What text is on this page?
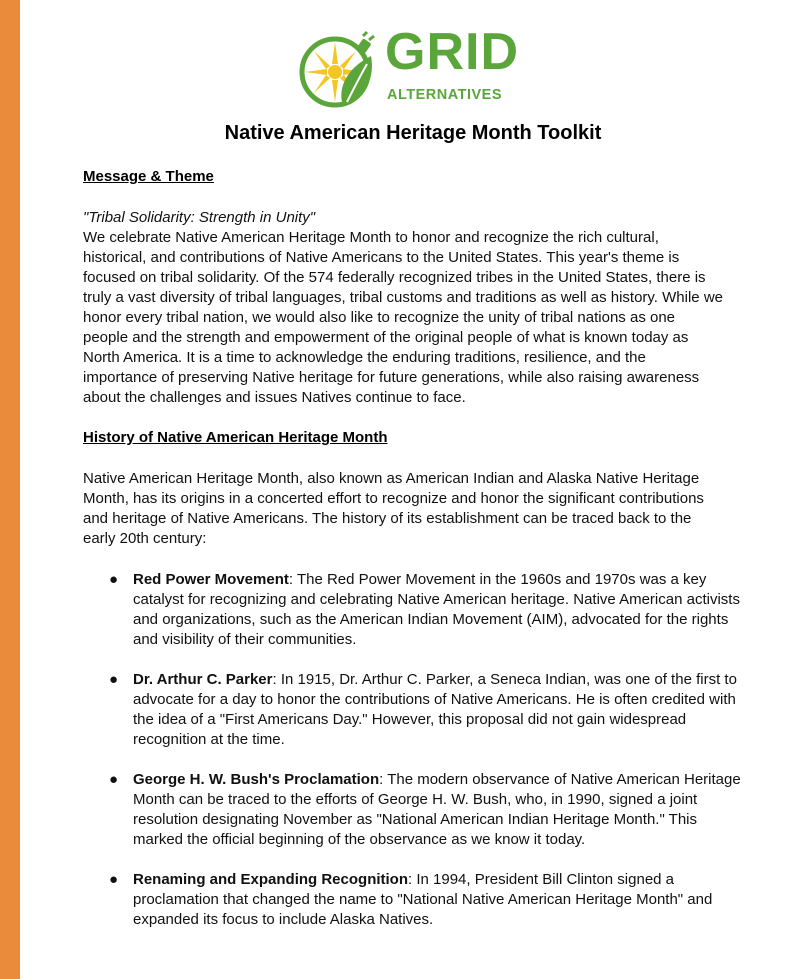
GRID
ALTERNATIVES
Native American Heritage Month Toolkit
Message & Theme
"Tribal Solidarity: Strength in Unity"
We celebrate Native American Heritage Month to honor and recognize the rich cultural, historical, and contributions of Native Americans to the United States. This year's theme is focused on tribal solidarity. Of the 574 federally recognized tribes in the United States, there is truly a vast diversity of tribal languages, tribal customs and traditions as well as history. While we honor every tribal nation, we would also like to recognize the unity of tribal nations as one people and the strength and empowerment of the original people of what is known today as North America. It is a time to acknowledge the enduring traditions, resilience, and the importance of preserving Native heritage for future generations, while also raising awareness about the challenges and issues Natives continue to face.
History of Native American Heritage Month
Native American Heritage Month, also known as American Indian and Alaska Native Heritage Month, has its origins in a concerted effort to recognize and honor the significant contributions and heritage of Native Americans. The history of its establishment can be traced back to the early 20th century:
● Red Power Movement: The Red Power Movement in the 1960s and 1970s was a key catalyst for recognizing and celebrating Native American heritage. Native American activists and organizations, such as the American Indian Movement (AIM), advocated for the rights and visibility of their communities.
● Dr. Arthur C. Parker: In 1915, Dr. Arthur C. Parker, a Seneca Indian, was one of the first to advocate for a day to honor the contributions of Native Americans. He is often credited with the idea of a "First Americans Day." However, this proposal did not gain widespread recognition at the time.
● George H. W. Bush's Proclamation: The modern observance of Native American Heritage Month can be traced to the efforts of George H. W. Bush, who, in 1990, signed a joint resolution designating November as "National American Indian Heritage Month." This marked the official beginning of the observance as we know it today.
● Renaming and Expanding Recognition: In 1994, President Bill Clinton signed a proclamation that changed the name to "National Native American Heritage Month" and expanded its focus to include Alaska Natives.
